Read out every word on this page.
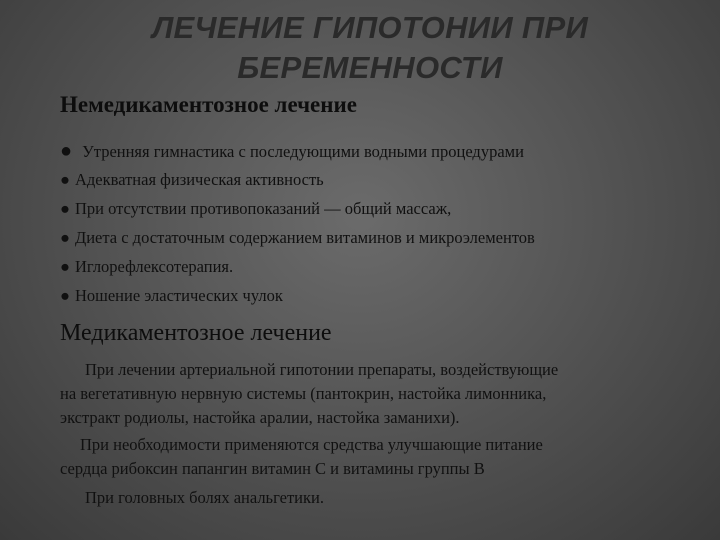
ЛЕЧЕНИЕ ГИПОТОНИИ ПРИ
БЕРЕМЕННОСТИ
Немедикаментозное лечение
● Утренняя гимнастика с последующими водными процедурами
● Адекватная физическая активность
● При отсутствии противопоказаний — общий массаж,
● Диета с достаточным содержанием витаминов и микроэлементов
● Иглорефлексотерапия.
● Ношение эластических чулок
Медикаментозное лечение
При лечении артериальной гипотонии препараты, воздействующие
на вегетативную нервную системы (пантокрин, настойка лимонника,
экстракт родиолы, настойка аралии, настойка заманихи).
При необходимости применяются средства улучшающие питание
сердца рибоксин папангин витамин С и витамины группы В
При головных болях анальгетики.
